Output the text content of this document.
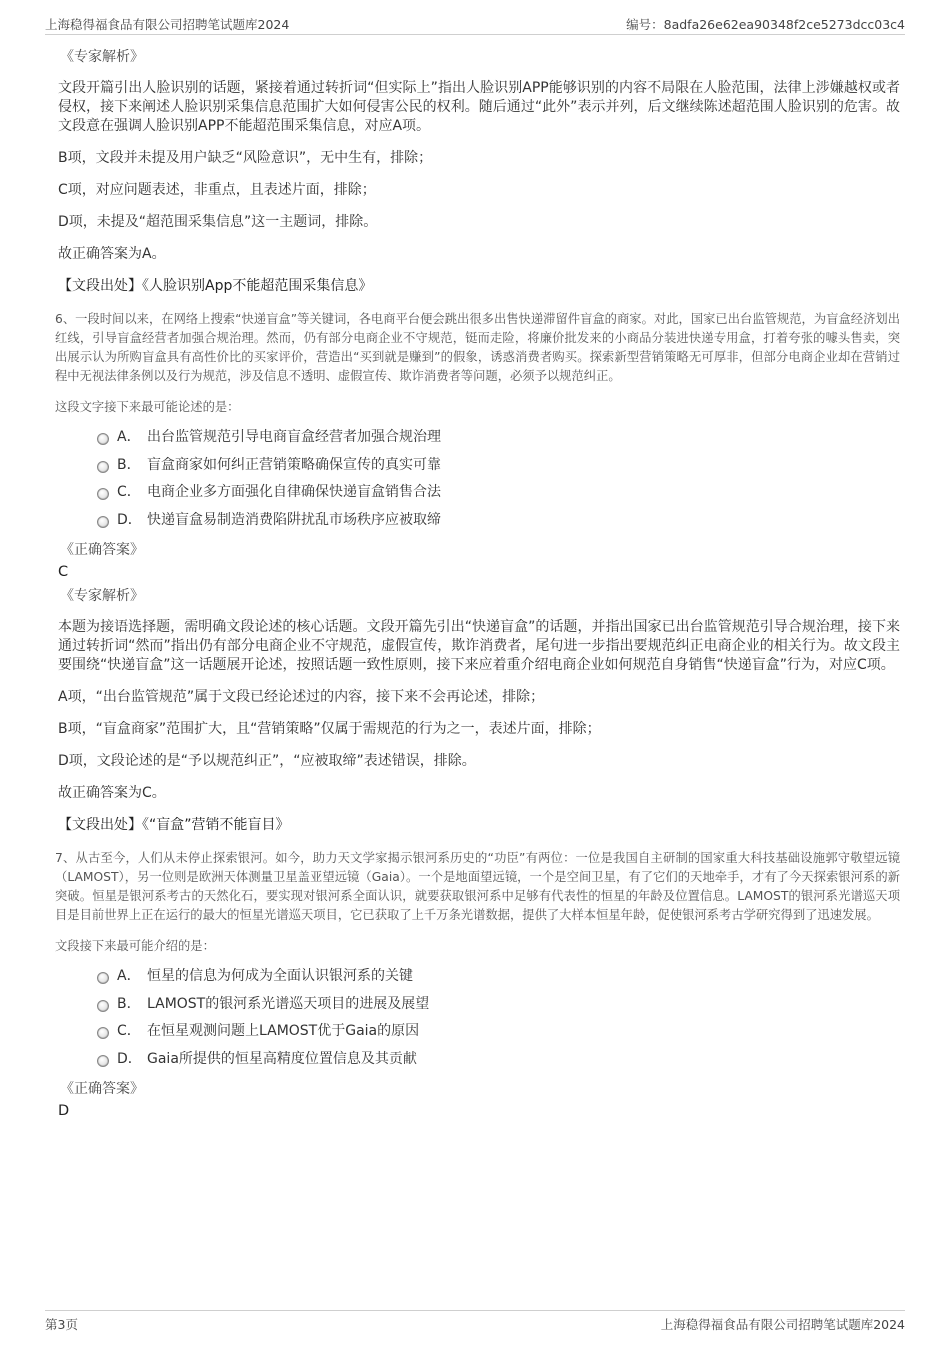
上海稳得福食品有限公司招聘笔试题库2024	编号：8adfa26e62ea90348f2ce5273dcc03c4
《专家解析》
文段开篇引出人脸识别的话题，紧接着通过转折词“但实际上”指出人脸识别APP能够识别的内容不局限在人脸范围，法律上涉嫌越权或者侵权，接下来阐述人脸识别采集信息范围扩大如何侵害公民的权利。随后通过“此外”表示并列，后文继续陈述超范围人脸识别的危害。故文段意在强调人脸识别APP不能超范围采集信息，对应A项。
B项，文段并未提及用户缺乏“风险意识”，无中生有，排除；
C项，对应问题表述，非重点，且表述片面，排除；
D项，未提及“超范围采集信息”这一主题词，排除。
故正确答案为A。
【文段出处】《人脸识别App不能超范围采集信息》
6、一段时间以来，在网络上搜索“快递盲盒”等关键词，各电商平台便会跳出很多出售快递滞留件盲盒的商家。对此，国家已出台监管规范，为盲盒经济划出红线，引导盲盒经营者加强合规治理。然而，仍有部分电商企业不守规范，铤而走险，将廉价批发来的小商品分装进快递专用盒，打着夸张的噱头售卖，突出展示认为所购盲盒具有高性价比的买家评价，营造出“买到就是赚到”的假象，诱惑消费者购买。探索新型营销策略无可厚非，但部分电商企业却在营销过程中无视法律条例以及行为规范，涉及信息不透明、虚假宣传、欺诈消费者等问题，必须予以规范纠正。
这段文字接下来最可能论述的是：
A． 出台监管规范引导电商盲盒经营者加强合规治理
B． 盲盒商家如何纠正营销策略确保宣传的真实可靠
C． 电商企业多方面强化自律确保快递盲盒销售合法
D． 快递盲盒易制造消费陷阱扰乱市场秩序应被取缔
《正确答案》
C
《专家解析》
本题为接语选择题，需明确文段论述的核心话题。文段开篇先引出“快递盲盒”的话题，并指出国家已出台监管规范引导合规治理，接下来通过转折词“然而”指出仍有部分电商企业不守规范，虚假宣传，欺诈消费者，尾句进一步指出要规范纠正电商企业的相关行为。故文段主要围绕“快递盲盒”这一话题展开论述，按照话题一致性原则，接下来应着重介绍电商企业如何规范自身销售“快递盲盒”行为，对应C项。
A项，“出台监管规范”属于文段已经论述过的内容，接下来不会再论述，排除；
B项，“盲盒商家”范围扩大，且“营销策略”仅属于需规范的行为之一，表述片面，排除；
D项，文段论述的是“予以规范纠正”，“应被取缔”表述错误，排除。
故正确答案为C。
【文段出处】《“盲盒”营销不能盲目》
7、从古至今，人们从未停止探索银河。如今，助力天文学家揭示银河系历史的“功臣”有两位：一位是我国自主研制的国家重大科技基础设施郭守敬望远镜（LAMOST），另一位则是欧洲天体测量卫星盖亚望远镜（Gaia）。一个是地面望远镜，一个是空间卫星，有了它们的天地牵手，才有了今天探索银河系的新突破。恒星是银河系考古的天然化石，要实现对银河系全面认识，就要获取银河系中足够有代表性的恒星的年龄及位置信息。LAMOST的银河系光谱巡天项目是目前世界上正在运行的最大的恒星光谱巡天项目，它已获取了上千万条光谱数据，提供了大样本恒星年龄，促使银河系考古学研究得到了迅速发展。
文段接下来最可能介绍的是：
A． 恒星的信息为何成为全面认识银河系的关键
B． LAMOST的银河系光谱巡天项目的进展及展望
C． 在恒星观测问题上LAMOST优于Gaia的原因
D． Gaia所提供的恒星高精度位置信息及其贡献
《正确答案》
D
第3页	上海稳得福食品有限公司招聘笔试题库2024
